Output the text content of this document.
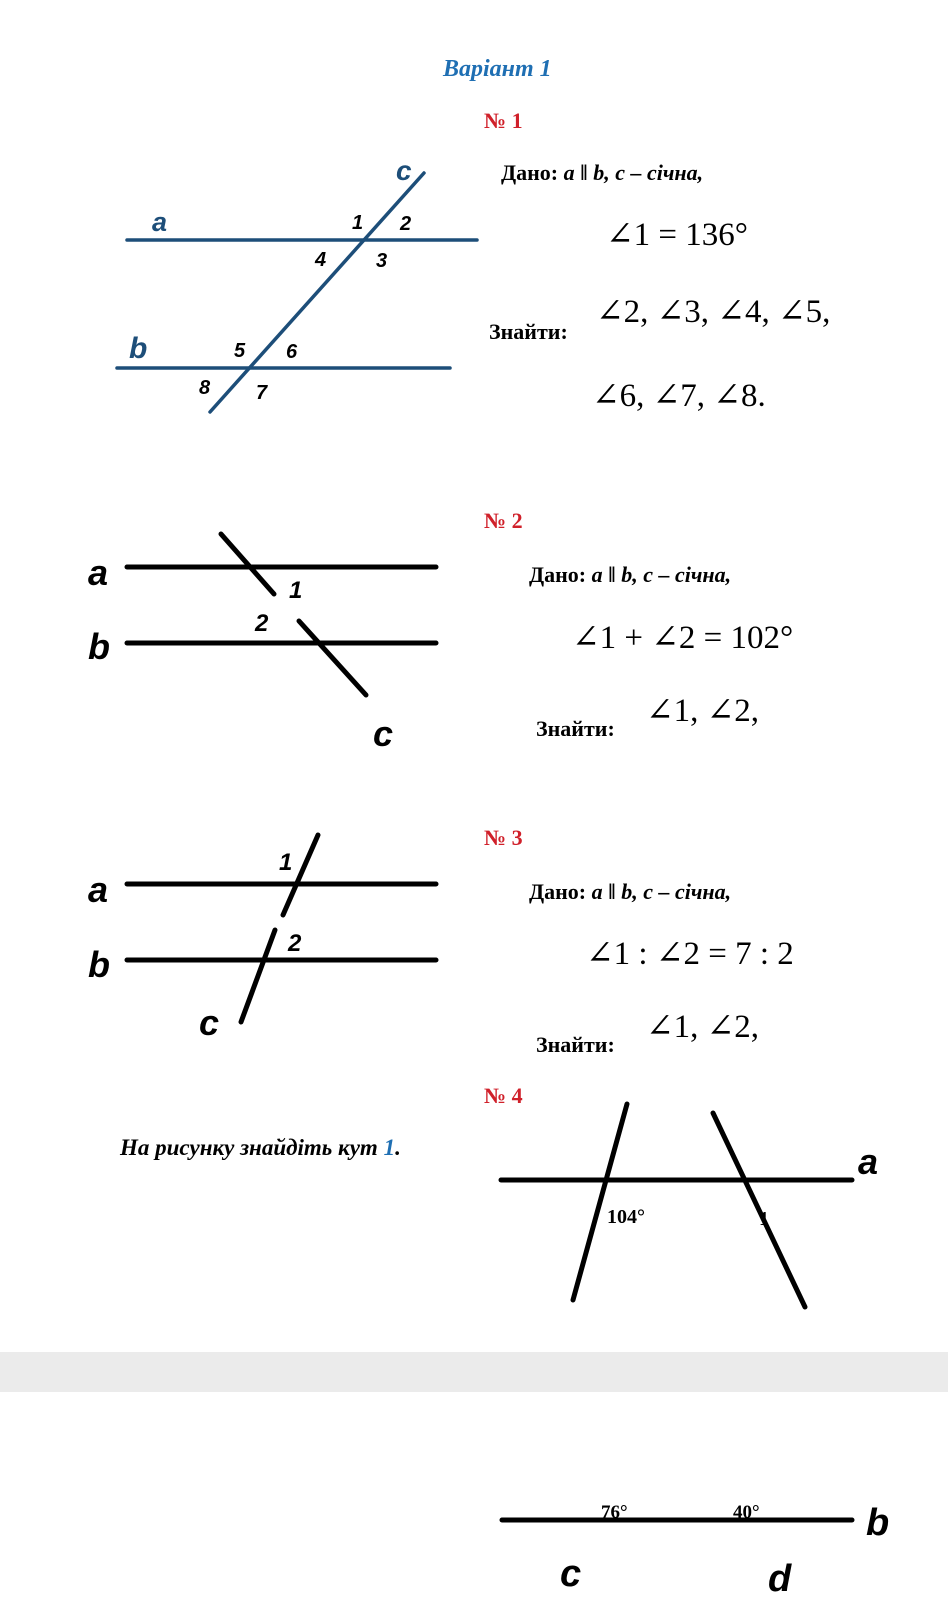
Варіант 1
№ 1
Дано: a ‖ b, c – січна,
∠1 = 136°
Знайти:
∠2, ∠3, ∠4, ∠5,
∠6, ∠7, ∠8.
a
b
c
1 2
3
4
5 6
7
8
№ 2
Дано: a ‖ b, c – січна,
∠1 + ∠2 = 102°
Знайти: ∠1, ∠2,
a
b
c
1
2
№ 3
Дано: a ‖ b, c – січна,
∠1 : ∠2 = 7 : 2
Знайти: ∠1, ∠2,
a
b
c
1
2
№ 4
На рисунку знайдіть кут 1.	a
104°	1
76°	40°	b
c	d
